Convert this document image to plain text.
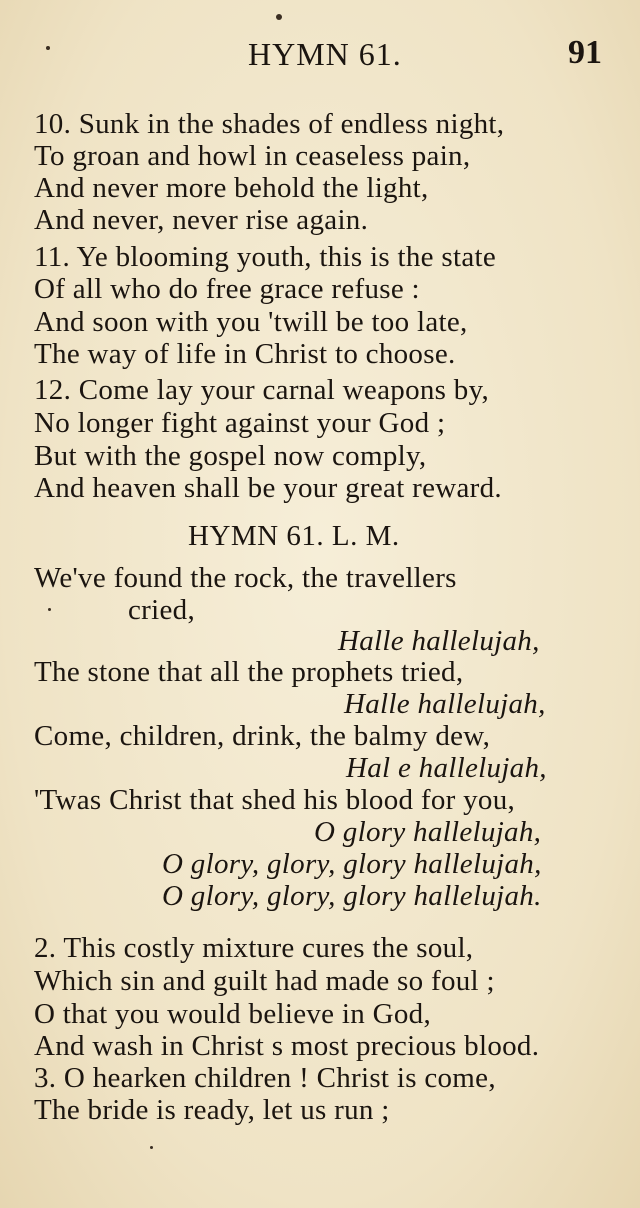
HYMN 61.	91
10. Sunk in the shades of endless night,
To groan and howl in ceaseless pain,
And never more behold the light,
And never, never rise again.
11. Ye blooming youth, this is the state
Of all who do free grace refuse :
And soon with you 'twill be too late,
The way of life in Christ to choose.
12. Come lay your carnal weapons by,
No longer fight against your God ;
But with the gospel now comply,
And heaven shall be your great reward.
HYMN 61. L. M.
We've found the rock, the travellers
cried,
Halle hallelujah,
The stone that all the prophets tried,
Halle hallelujah,
Come, children, drink, the balmy dew,
Hal e hallelujah,
'Twas Christ that shed his blood for you,
O glory hallelujah,
O glory, glory, glory hallelujah,
O glory, glory, glory hallelujah.
2. This costly mixture cures the soul,
Which sin and guilt had made so foul ;
O that you would believe in God,
And wash in Christ s most precious blood.
3. O hearken children ! Christ is come,
The bride is ready, let us run ;
